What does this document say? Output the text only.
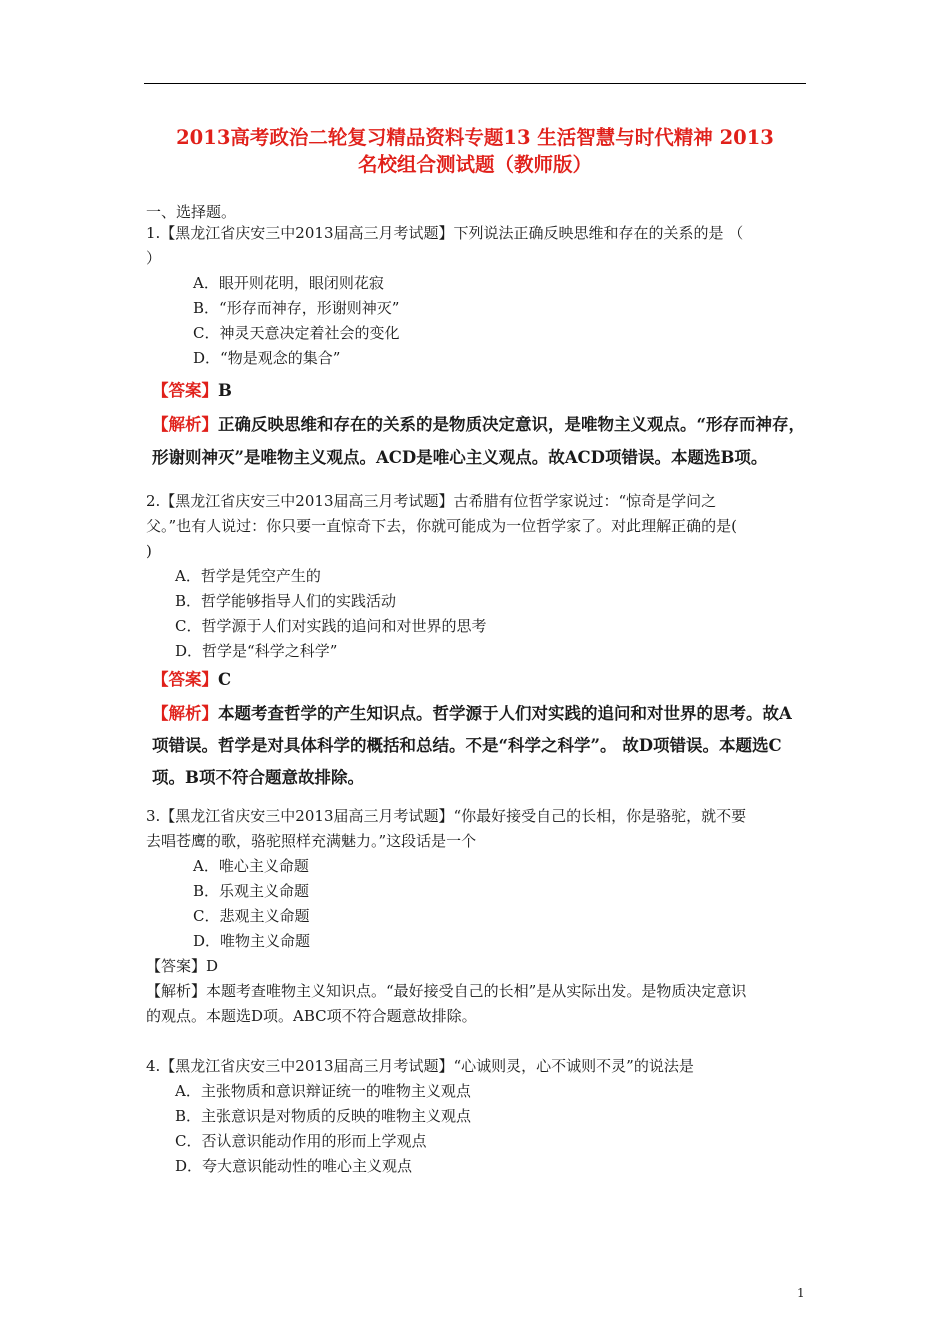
2013高考政治二轮复习精品资料专题13 生活智慧与时代精神 2013
名校组合测试题（教师版）
一、选择题。
1.【黑龙江省庆安三中2013届高三月考试题】下列说法正确反映思维和存在的关系的是 （
）
A．眼开则花明，眼闭则花寂
B．“形存而神存，形谢则神灭”
C．神灵天意决定着社会的变化
D．“物是观念的集合”
【答案】B
【解析】正确反映思维和存在的关系的是物质决定意识，是唯物主义观点。“形存而神存，
形谢则神灭”是唯物主义观点。ACD是唯心主义观点。故ACD项错误。本题选B项。
2.【黑龙江省庆安三中2013届高三月考试题】古希腊有位哲学家说过：“惊奇是学问之
父。”也有人说过：你只要一直惊奇下去，你就可能成为一位哲学家了。对此理解正确的是(
)
A．哲学是凭空产生的
B．哲学能够指导人们的实践活动
C．哲学源于人们对实践的追问和对世界的思考
D．哲学是“科学之科学”
【答案】C
【解析】本题考查哲学的产生知识点。哲学源于人们对实践的追问和对世界的思考。故A
项错误。哲学是对具体科学的概括和总结。不是“科学之科学”。 故D项错误。本题选C
项。B项不符合题意故排除。
3.【黑龙江省庆安三中2013届高三月考试题】“你最好接受自己的长相，你是骆驼，就不要
去唱苍鹰的歌，骆驼照样充满魅力。”这段话是一个
A．唯心主义命题
B．乐观主义命题
C．悲观主义命题
D．唯物主义命题
【答案】D
【解析】本题考查唯物主义知识点。“最好接受自己的长相”是从实际出发。是物质决定意识
的观点。本题选D项。ABC项不符合题意故排除。
4.【黑龙江省庆安三中2013届高三月考试题】“心诚则灵，心不诚则不灵”的说法是
A．主张物质和意识辩证统一的唯物主义观点
B．主张意识是对物质的反映的唯物主义观点
C．否认意识能动作用的形而上学观点
D．夸大意识能动性的唯心主义观点
1
